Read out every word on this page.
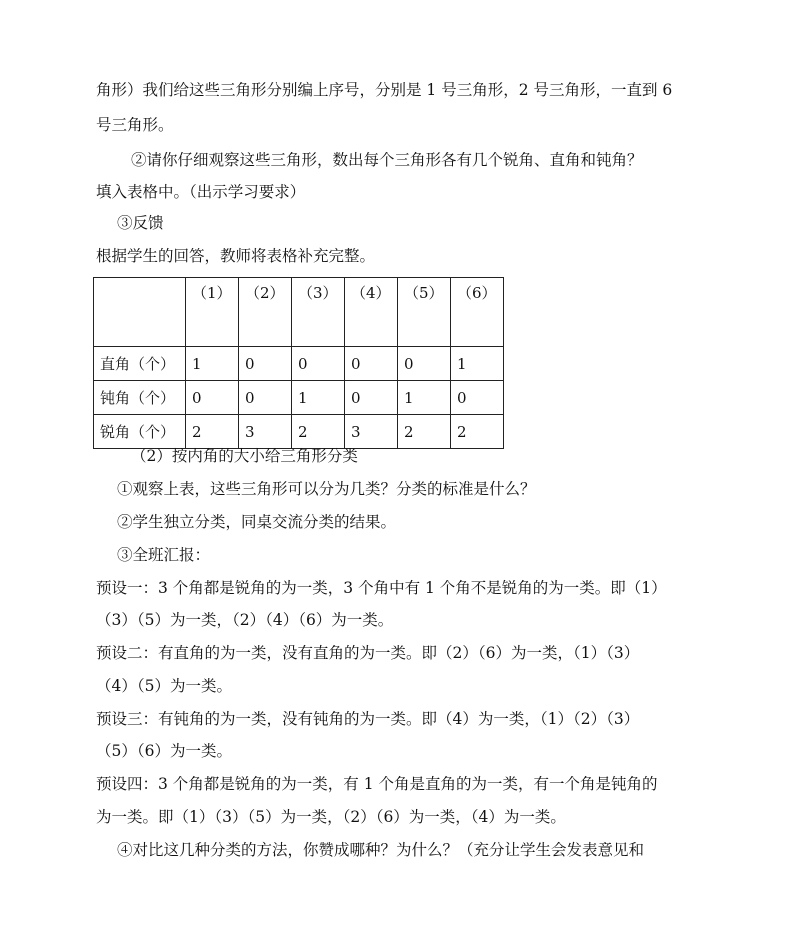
角形）我们给这些三角形分别编上序号，分别是 1 号三角形，2 号三角形，一直到 6
号三角形。
②请你仔细观察这些三角形，数出每个三角形各有几个锐角、直角和钝角？
填入表格中。（出示学习要求）
③反馈
根据学生的回答，教师将表格补充完整。
	（1）	（2）	（3）	（4）	（5）	（6）
直角（个）	1	0	0	0	0	1
钝角（个）	0	0	1	0	1	0
锐角（个）	2	3	2	3	2	2
（2）按内角的大小给三角形分类
①观察上表，这些三角形可以分为几类？分类的标准是什么？
②学生独立分类，同桌交流分类的结果。
③全班汇报：
预设一：3 个角都是锐角的为一类，3 个角中有 1 个角不是锐角的为一类。即（1）
（3）（5）为一类，（2）（4）（6）为一类。
预设二：有直角的为一类，没有直角的为一类。即（2）（6）为一类，（1）（3）
（4）（5）为一类。
预设三：有钝角的为一类，没有钝角的为一类。即（4）为一类，（1）（2）（3）
（5）（6）为一类。
预设四：3 个角都是锐角的为一类，有 1 个角是直角的为一类，有一个角是钝角的
为一类。即（1）（3）（5）为一类，（2）（6）为一类，（4）为一类。
④对比这几种分类的方法，你赞成哪种？为什么？（充分让学生会发表意见和
